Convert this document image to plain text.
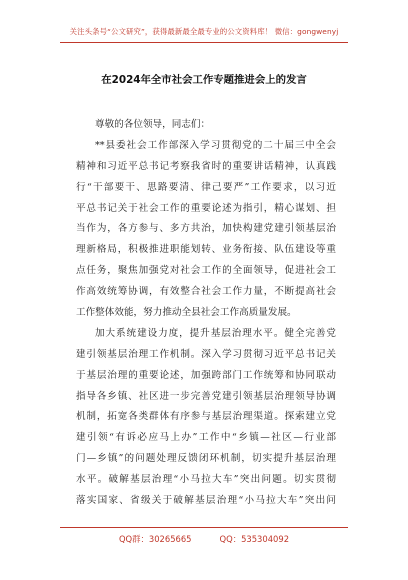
关注头条号“公文研究”，获得最新最全最专业的公文资料库！ 微信：gongwenyj
在2024年全市社会工作专题推进会上的发言
尊敬的各位领导，同志们：
**县委社会工作部深入学习贯彻党的二十届三中全会
精神和习近平总书记考察我省时的重要讲话精神，认真践
行“干部要干、思路要清、律己要严”工作要求，以习近
平总书记关于社会工作的重要论述为指引，精心谋划、担
当作为，各方参与、多方共治，加快构建党建引领基层治
理新格局，积极推进职能划转、业务衔接、队伍建设等重
点任务，聚焦加强党对社会工作的全面领导，促进社会工
作高效统筹协调，有效整合社会工作力量，不断提高社会
工作整体效能，努力推动全县社会工作高质量发展。
加大系统建设力度，提升基层治理水平。健全完善党
建引领基层治理工作机制。深入学习贯彻习近平总书记关
于基层治理的重要论述，加强跨部门工作统筹和协同联动
指导各乡镇、社区进一步完善党建引领基层治理领导协调
机制，拓宽各类群体有序参与基层治理渠道。探索建立党
建引领“有诉必应马上办”工作中“乡镇—社区—行业部
门—乡镇”的问题处理反馈闭环机制，切实提升基层治理
水平。破解基层治理“小马拉大车”突出问题。切实贯彻
落实国家、省级关于破解基层治理“小马拉大车”突出问
QQ群：30265665	QQ：535304092
